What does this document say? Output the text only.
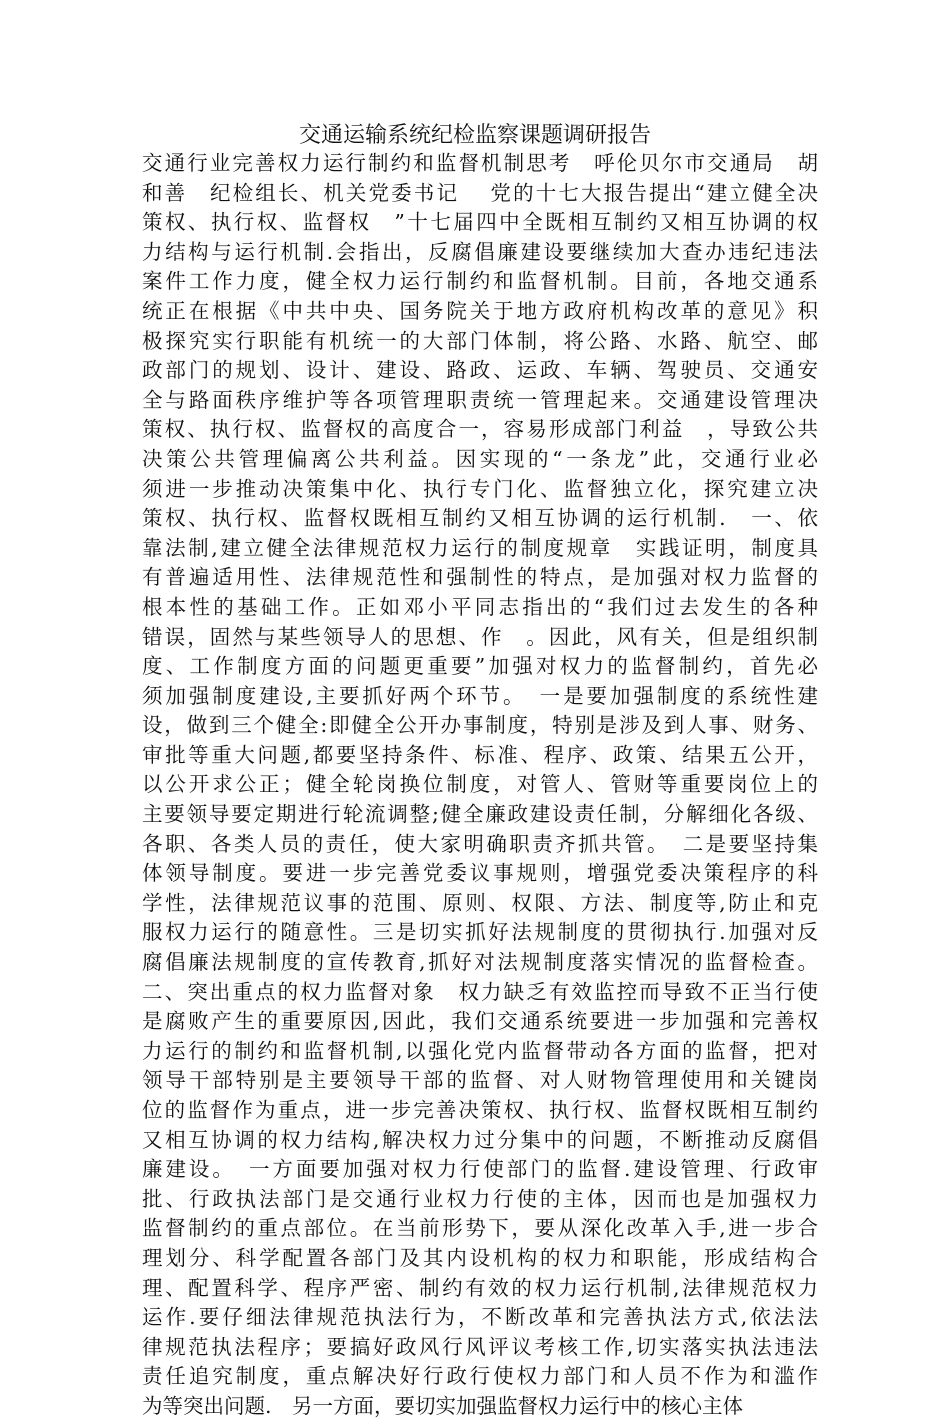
交通运输系统纪检监察课题调研报告
交通行业完善权力运行制约和监督机制思考　呼伦贝尔市交通局　胡
和善　纪检组长、机关党委书记　 党的十七大报告提出“建立健全决
策权、执行权、监督权　”十七届四中全既相互制约又相互协调的权
力结构与运行机制.会指出，反腐倡廉建设要继续加大查办违纪违法
案件工作力度，健全权力运行制约和监督机制。目前，各地交通系
统正在根据《中共中央、国务院关于地方政府机构改革的意见》积
极探究实行职能有机统一的大部门体制，将公路、水路、航空、邮
政部门的规划、设计、建设、路政、运政、车辆、驾驶员、交通安
全与路面秩序维护等各项管理职责统一管理起来。交通建设管理决
策权、执行权、监督权的高度合一，容易形成部门利益　，导致公共
决策公共管理偏离公共利益。因实现的“一条龙”此，交通行业必
须进一步推动决策集中化、执行专门化、监督独立化，探究建立决
策权、执行权、监督权既相互制约又相互协调的运行机制.　一、依
靠法制,建立健全法律规范权力运行的制度规章　实践证明，制度具
有普遍适用性、法律规范性和强制性的特点，是加强对权力监督的
根本性的基础工作。正如邓小平同志指出的“我们过去发生的各种
错误，固然与某些领导人的思想、作　。因此，风有关，但是组织制
度、工作制度方面的问题更重要”加强对权力的监督制约，首先必
须加强制度建设,主要抓好两个环节。　一是要加强制度的系统性建
设，做到三个健全:即健全公开办事制度，特别是涉及到人事、财务、
审批等重大问题,都要坚持条件、标准、程序、政策、结果五公开，
以公开求公正；健全轮岗换位制度，对管人、管财等重要岗位上的
主要领导要定期进行轮流调整;健全廉政建设责任制，分解细化各级、
各职、各类人员的责任，使大家明确职责齐抓共管。　二是要坚持集
体领导制度。要进一步完善党委议事规则，增强党委决策程序的科
学性，法律规范议事的范围、原则、权限、方法、制度等,防止和克
服权力运行的随意性。三是切实抓好法规制度的贯彻执行.加强对反
腐倡廉法规制度的宣传教育,抓好对法规制度落实情况的监督检查。
二、突出重点的权力监督对象　权力缺乏有效监控而导致不正当行使
是腐败产生的重要原因,因此，我们交通系统要进一步加强和完善权
力运行的制约和监督机制,以强化党内监督带动各方面的监督，把对
领导干部特别是主要领导干部的监督、对人财物管理使用和关键岗
位的监督作为重点，进一步完善决策权、执行权、监督权既相互制约
又相互协调的权力结构,解决权力过分集中的问题，不断推动反腐倡
廉建设。　一方面要加强对权力行使部门的监督.建设管理、行政审
批、行政执法部门是交通行业权力行使的主体，因而也是加强权力
监督制约的重点部位。在当前形势下，要从深化改革入手,进一步合
理划分、科学配置各部门及其内设机构的权力和职能，形成结构合
理、配置科学、程序严密、制约有效的权力运行机制,法律规范权力
运作.要仔细法律规范执法行为，不断改革和完善执法方式,依法法
律规范执法程序；要搞好政风行风评议考核工作,切实落实执法违法
责任追究制度，重点解决好行政行使权力部门和人员不作为和滥作
为等突出问题.　另一方面，要切实加强监督权力运行中的核心主体
